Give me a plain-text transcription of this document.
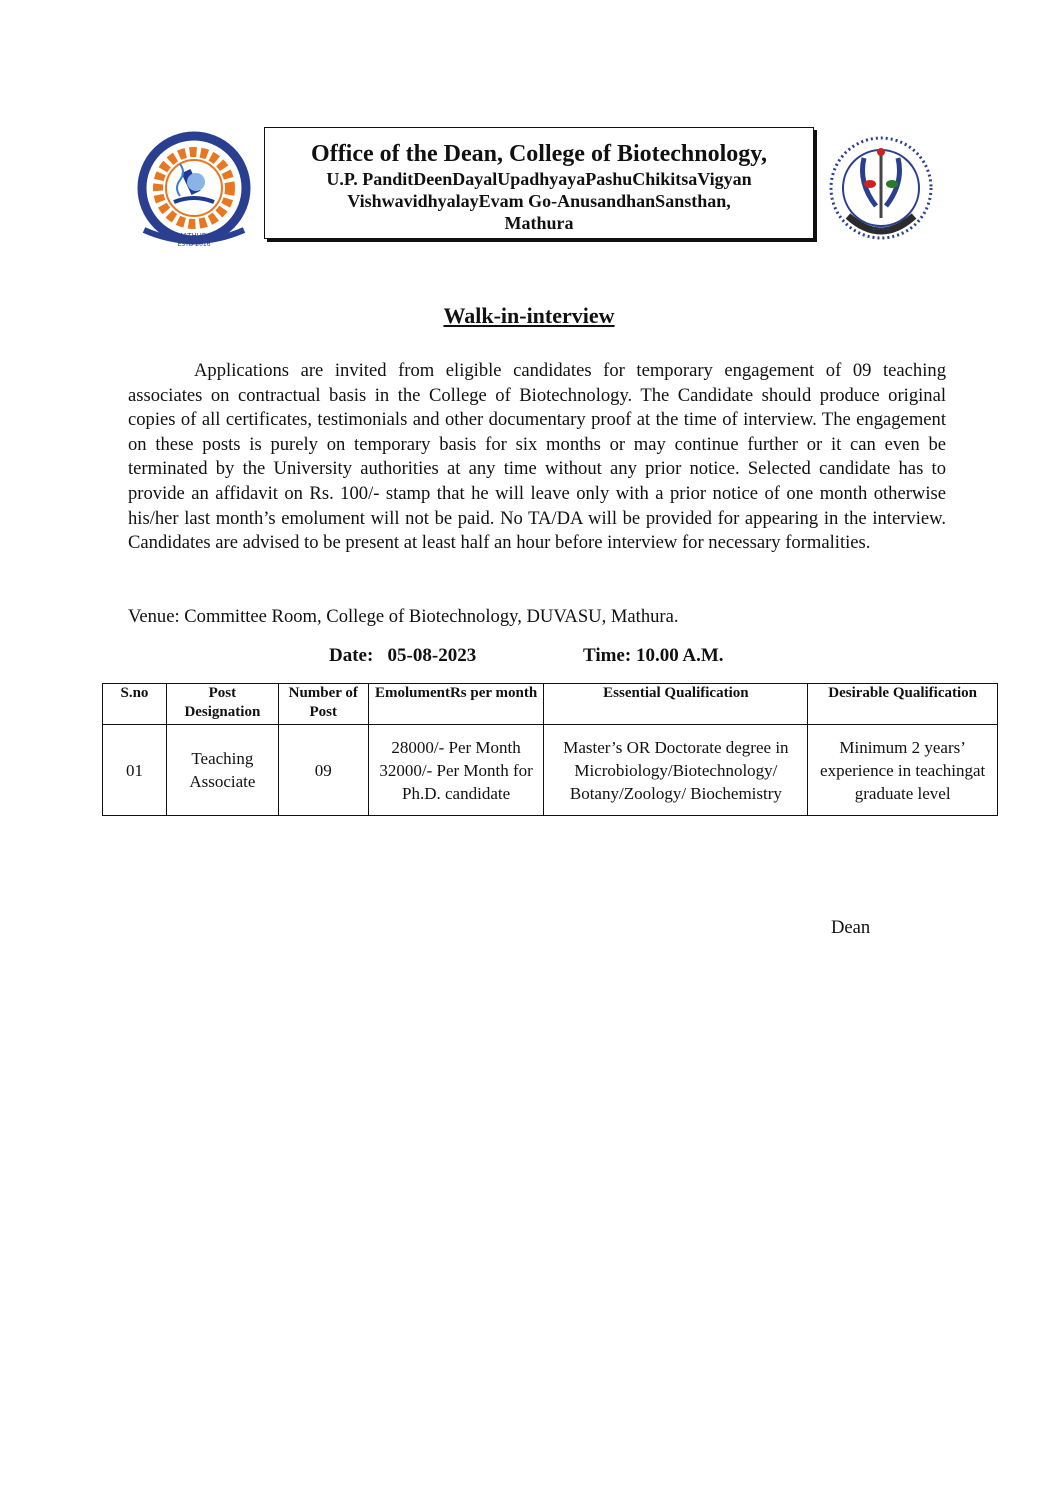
MATHURA
ESTD 2016
Office of the Dean, College of Biotechnology,
U.P. PanditDeenDayalUpadhyayaPashuChikitsaVigyan
VishwavidhyalayEvam Go-AnusandhanSansthan,
Mathura	2001
Walk-in-interview

Applications are invited from eligible candidates for temporary engagement of 09 teaching associates on contractual basis in the College of Biotechnology. The Candidate should produce original copies of all certificates, testimonials and other documentary proof at the time of interview. The engagement on these posts is purely on temporary basis for six months or may continue further or it can even be terminated by the University authorities at any time without any prior notice. Selected candidate has to provide an affidavit on Rs. 100/- stamp that he will leave only with a prior notice of one month otherwise his/her last month’s emolument will not be paid. No TA/DA will be provided for appearing in the interview. Candidates are advised to be present at least half an hour before interview for necessary formalities.

Venue: Committee Room, College of Biotechnology, DUVASU, Mathura.
Date:   05-08-2023	Time: 10.00 A.M.
S.no	Post Designation	Number of Post	EmolumentRs per month	Essential Qualification	Desirable Qualification
01	Teaching Associate	09	28000/- Per Month 32000/- Per Month for Ph.D. candidate	Master’s OR Doctorate degree in Microbiology/Biotechnology/ Botany/Zoology/ Biochemistry	Minimum 2 years’ experience in teachingat graduate level
Dean
